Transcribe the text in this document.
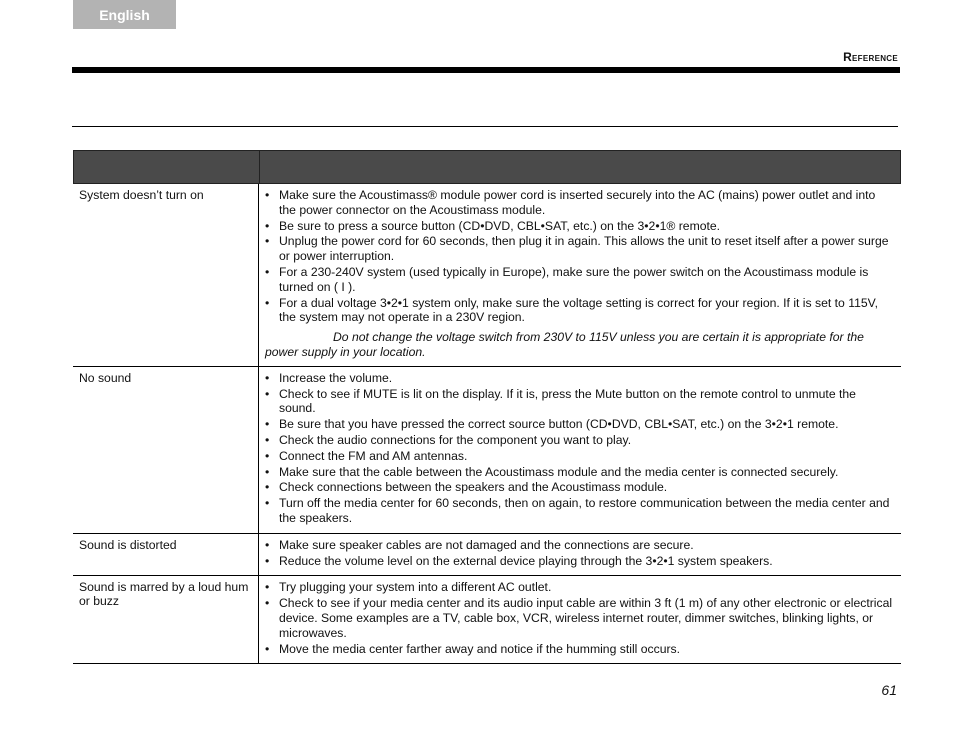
English
Reference
System doesn’t turn on	• Make sure the Acoustimass® module power cord is inserted securely into the AC (mains) power outlet and into the power connector on the Acoustimass module.
• Be sure to press a source button (CD•DVD, CBL•SAT, etc.) on the 3•2•1® remote.
• Unplug the power cord for 60 seconds, then plug it in again. This allows the unit to reset itself after a power surge or power interruption.
• For a 230-240V system (used typically in Europe), make sure the power switch on the Acoustimass module is turned on ( I ).
• For a dual voltage 3•2•1 system only, make sure the voltage setting is correct for your region. If it is set to 115V, the system may not operate in a 230V region.
Do not change the voltage switch from 230V to 115V unless you are certain it is appropriate for the power supply in your location.
No sound	• Increase the volume.
• Check to see if MUTE is lit on the display. If it is, press the Mute button on the remote control to unmute the sound.
• Be sure that you have pressed the correct source button (CD•DVD, CBL•SAT, etc.) on the 3•2•1 remote.
• Check the audio connections for the component you want to play.
• Connect the FM and AM antennas.
• Make sure that the cable between the Acoustimass module and the media center is connected securely.
• Check connections between the speakers and the Acoustimass module.
• Turn off the media center for 60 seconds, then on again, to restore communication between the media center and the speakers.
Sound is distorted	• Make sure speaker cables are not damaged and the connections are secure.
• Reduce the volume level on the external device playing through the 3•2•1 system speakers.
Sound is marred by a loud hum or buzz
• Try plugging your system into a different AC outlet.
• Check to see if your media center and its audio input cable are within 3 ft (1 m) of any other electronic or electrical device. Some examples are a TV, cable box, VCR, wireless internet router, dimmer switches, blinking lights, or microwaves.
• Move the media center farther away and notice if the humming still occurs.
61
